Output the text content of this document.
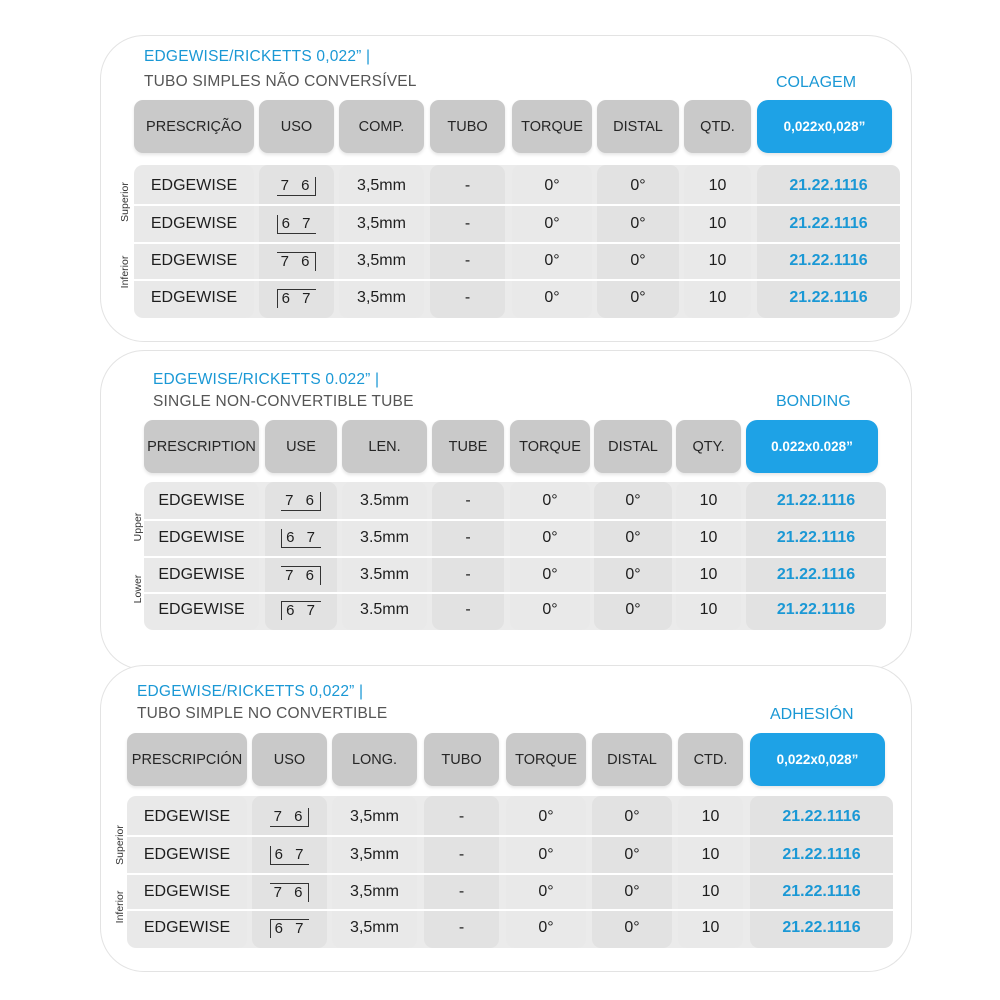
EDGEWISE/RICKETTS 0,022” |
TUBO SIMPLES NÃO CONVERSÍVEL	COLAGEM
PRESCRIÇÃO	USO	COMP.	TUBO	TORQUE	DISTAL	QTD.	0,022x0,028”
Superior
Inferior
EDGEWISE	7 6	3,5mm	-	0°	0°	10	21.22.1116
EDGEWISE	6 7	3,5mm	-	0°	0°	10	21.22.1116
EDGEWISE	7 6	3,5mm	-	0°	0°	10	21.22.1116
EDGEWISE	6 7	3,5mm	-	0°	0°	10	21.22.1116
EDGEWISE/RICKETTS 0.022” |
SINGLE NON-CONVERTIBLE TUBE	BONDING
PRESCRIPTION	USE	LEN.	TUBE	TORQUE	DISTAL	QTY.	0.022x0.028”
Upper
Lower
EDGEWISE	7 6	3.5mm	-	0°	0°	10	21.22.1116
EDGEWISE	6 7	3.5mm	-	0°	0°	10	21.22.1116
EDGEWISE	7 6	3.5mm	-	0°	0°	10	21.22.1116
EDGEWISE	6 7	3.5mm	-	0°	0°	10	21.22.1116
EDGEWISE/RICKETTS 0,022” |
TUBO SIMPLE NO CONVERTIBLE	ADHESIÓN
PRESCRIPCIÓN	USO	LONG.	TUBO	TORQUE	DISTAL	CTD.	0,022x0,028”
Superior
Inferior
EDGEWISE	7 6	3,5mm	-	0°	0°	10	21.22.1116
EDGEWISE	6 7	3,5mm	-	0°	0°	10	21.22.1116
EDGEWISE	7 6	3,5mm	-	0°	0°	10	21.22.1116
EDGEWISE	6 7	3,5mm	-	0°	0°	10	21.22.1116
